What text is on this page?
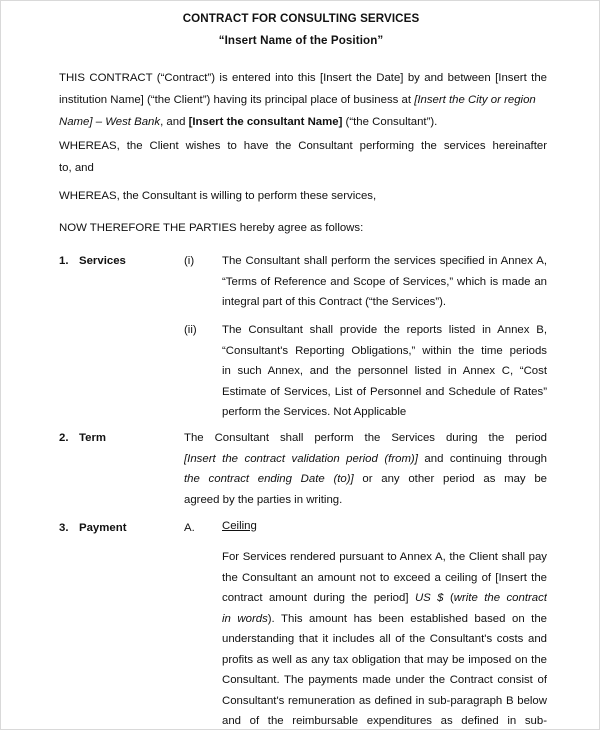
CONTRACT FOR CONSULTING SERVICES
“Insert Name of the Position”
THIS CONTRACT (“Contract”) is entered into this [Insert the Date] by and between [Insert the
institution Name] (“the Client”) having its principal place of business at [Insert the City or region
Name] – West Bank, and [Insert the consultant Name] (“the Consultant”).
WHEREAS, the Client wishes to have the Consultant performing the services hereinafter
to, and
WHEREAS, the Consultant is willing to perform these services,
NOW THEREFORE THE PARTIES hereby agree as follows:
1. Services	(i) The Consultant shall perform the services specified in Annex A,
“Terms of Reference and Scope of Services,” which is made an
integral part of this Contract (“the Services”).
(ii) The Consultant shall provide the reports listed in Annex B,
“Consultant's Reporting Obligations,” within the time periods
in such Annex, and the personnel listed in Annex C, “Cost
Estimate of Services, List of Personnel and Schedule of Rates”
perform the Services. Not Applicable
2. Term	The Consultant shall perform the Services during the period
[Insert the contract validation period (from)] and continuing through
the contract ending Date (to)] or any other period as may be
agreed by the parties in writing.
3. Payment	A. Ceiling
For Services rendered pursuant to Annex A, the Client shall pay
the Consultant an amount not to exceed a ceiling of [Insert the
contract amount during the period] US $ (write the contract
in words). This amount has been established based on the
understanding that it includes all of the Consultant's costs and
profits as well as any tax obligation that may be imposed on the
Consultant. The payments made under the Contract consist of
Consultant's remuneration as defined in sub-paragraph B below
and of the reimbursable expenditures as defined in sub-
